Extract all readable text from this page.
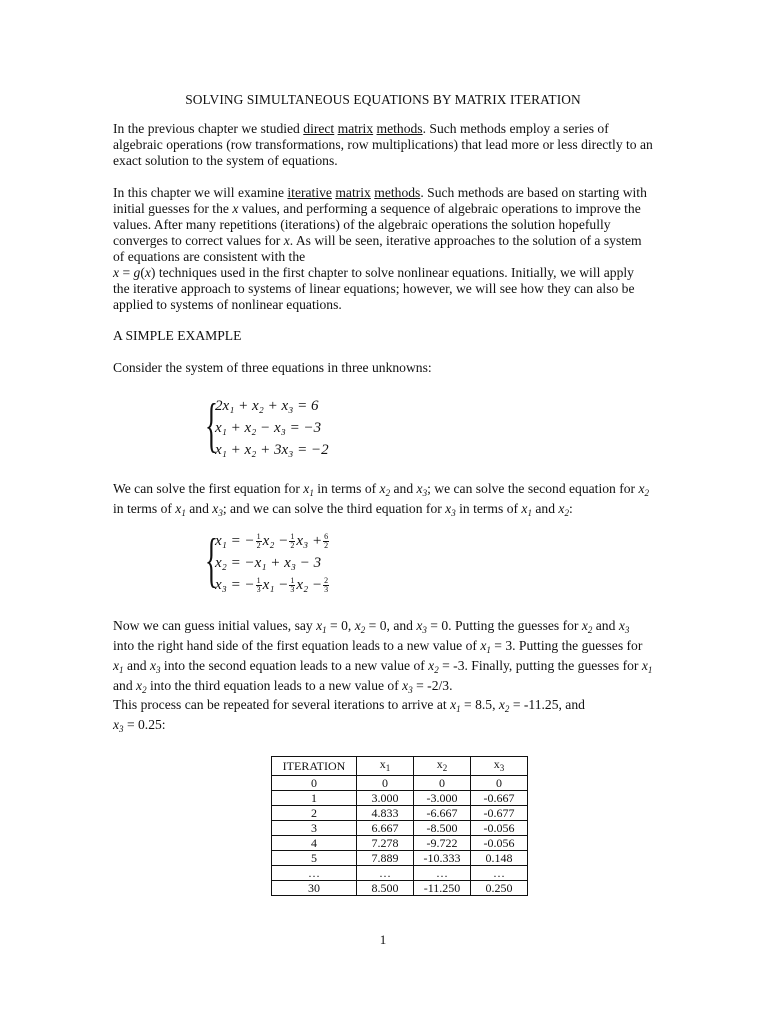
SOLVING SIMULTANEOUS EQUATIONS BY MATRIX ITERATION

In the previous chapter we studied direct matrix methods. Such methods employ a series of algebraic operations (row transformations, row multiplications) that lead more or less directly to an exact solution to the system of equations.

In this chapter we will examine iterative matrix methods. Such methods are based on starting with initial guesses for the x values, and performing a sequence of algebraic operations to improve the values. After many repetitions (iterations) of the algebraic operations the solution hopefully converges to correct values for x. As will be seen, iterative approaches to the solution of a system of equations are consistent with the
x = g(x) techniques used in the first chapter to solve nonlinear equations. Initially, we will apply the iterative approach to systems of linear equations; however, we will see how they can also be applied to systems of nonlinear equations.

A SIMPLE EXAMPLE
Consider the system of three equations in three unknowns:
{
2x₁ + x₂ + x₃ = 6
x₁ + x₂ − x₃ = −3
x₁ + x₂ + 3x₃ = −2

We can solve the first equation for $x_1$ in terms of $x_2$ and $x_3$; we can solve the second equation for $x_2$ in terms of $x_1$ and $x_3$; and we can solve the third equation for $x_3$ in terms of $x_1$ and $x_2$:

{
x₁ = − $\frac{1}{2} x_2 - \frac{1}{2} x_3 + \frac{6}{2}$
x₂ = −x₁ + x₃ − 3
x₃ = − $\frac{1}{3} x_1 - \frac{1}{3} x_2 - \frac{2}{3}$

Now we can guess initial values, say $x_1 = 0$, $x_2 = 0$, and $x_3 = 0$. Putting the guesses for $x_2$ and $x_3$ into the right hand side of the first equation leads to a new value of $x_1 = 3$. Putting the guesses for $x_1$ and $x_3$ into the second equation leads to a new value of $x_2 = -3$. Finally, putting the guesses for $x_1$ and $x_2$ into the third equation leads to a new value of $x_3 = -2/3$.

This process can be repeated for several iterations to arrive at $x_1 = 8.5$, $x_2 = -11.25$, and
$x_3 = 0.25$:

ITERATION	$x_1$	$x_2$	$x_3$
0	0	0	0
1	3.000	-3.000	-0.667
2	4.833	-6.667	-0.677
3	6.667	-8.500	-0.056
4	7.278	-9.722	-0.056
5	7.889	-10.333	0.148
…	…	…	…
30	8.500	-11.250	0.250
1
